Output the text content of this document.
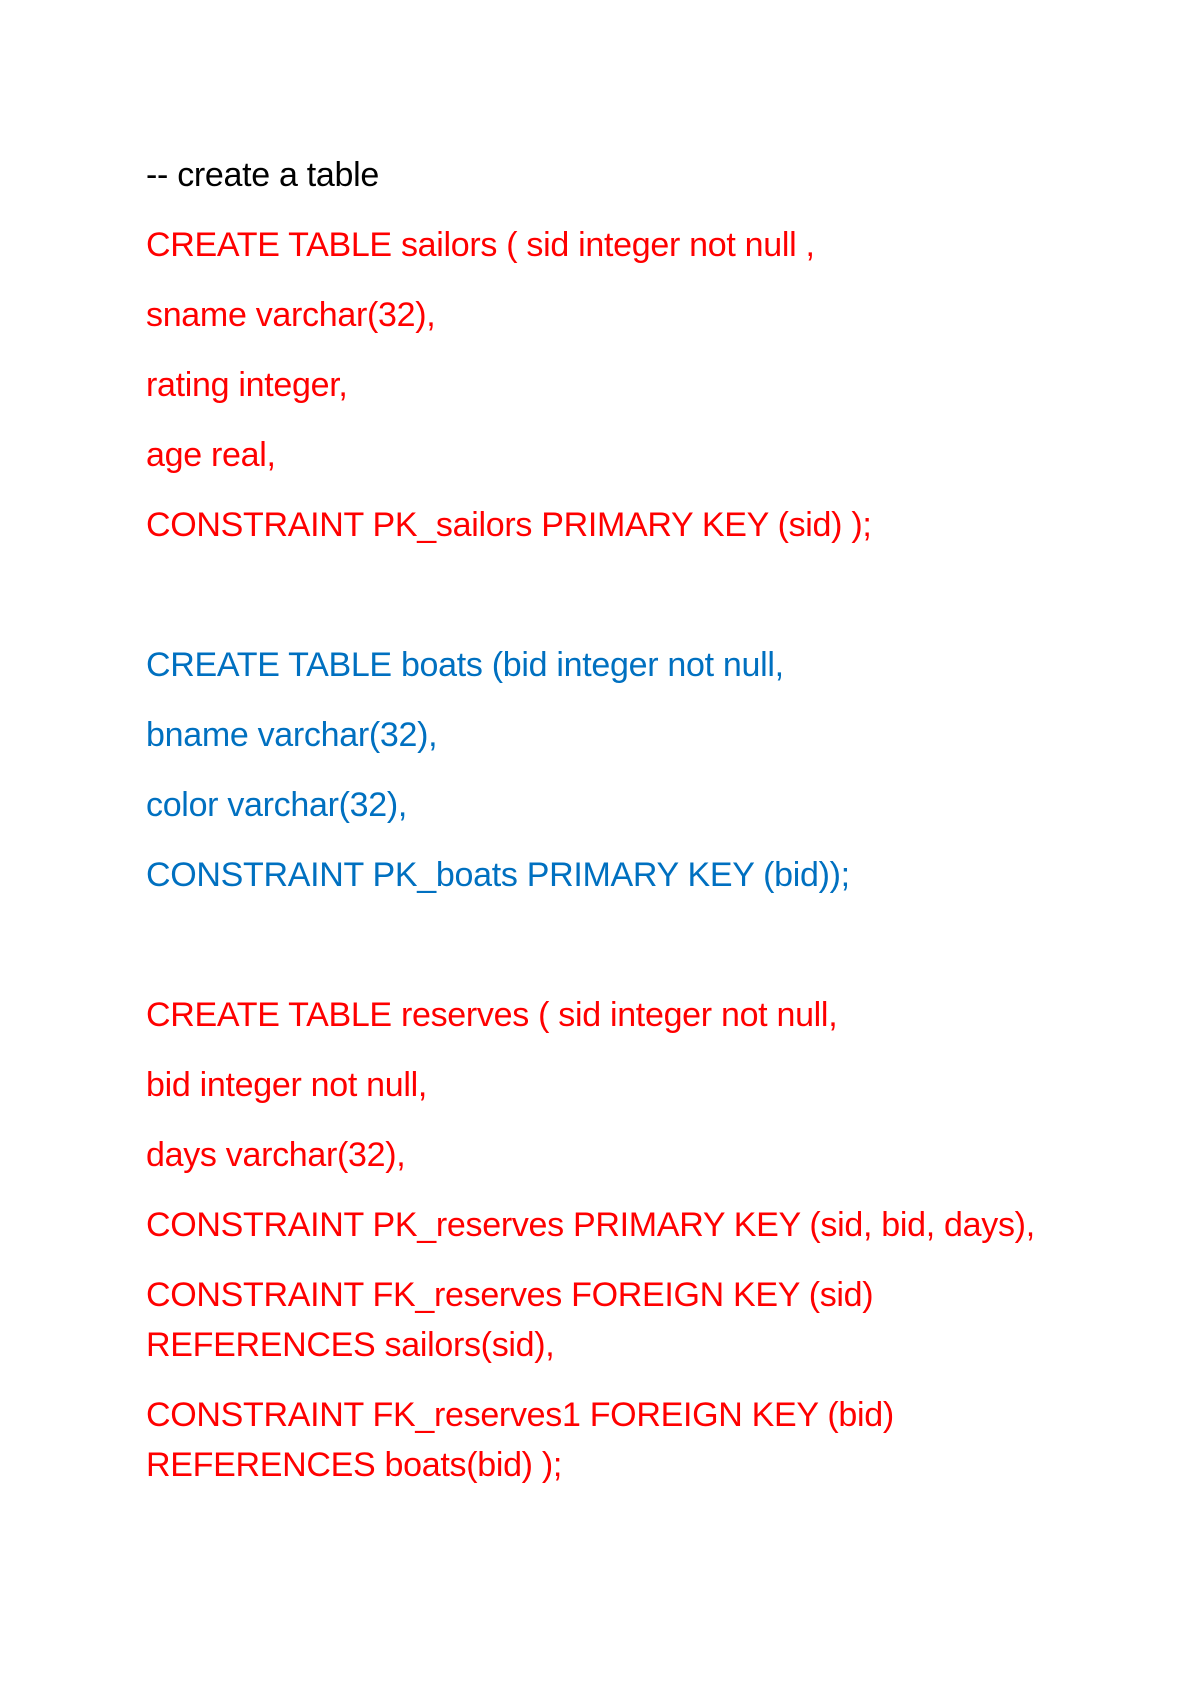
-- create a table
CREATE TABLE sailors ( sid integer not null ,
sname varchar(32),
rating integer,
age real,
CONSTRAINT PK_sailors PRIMARY KEY (sid) );
CREATE TABLE boats (bid integer not null,
bname varchar(32),
color varchar(32),
CONSTRAINT PK_boats PRIMARY KEY (bid));
CREATE TABLE reserves ( sid integer not null,
bid integer not null,
days varchar(32),
CONSTRAINT PK_reserves PRIMARY KEY (sid, bid, days),
CONSTRAINT FK_reserves FOREIGN KEY (sid)
REFERENCES sailors(sid),
CONSTRAINT FK_reserves1 FOREIGN KEY (bid)
REFERENCES boats(bid) );
